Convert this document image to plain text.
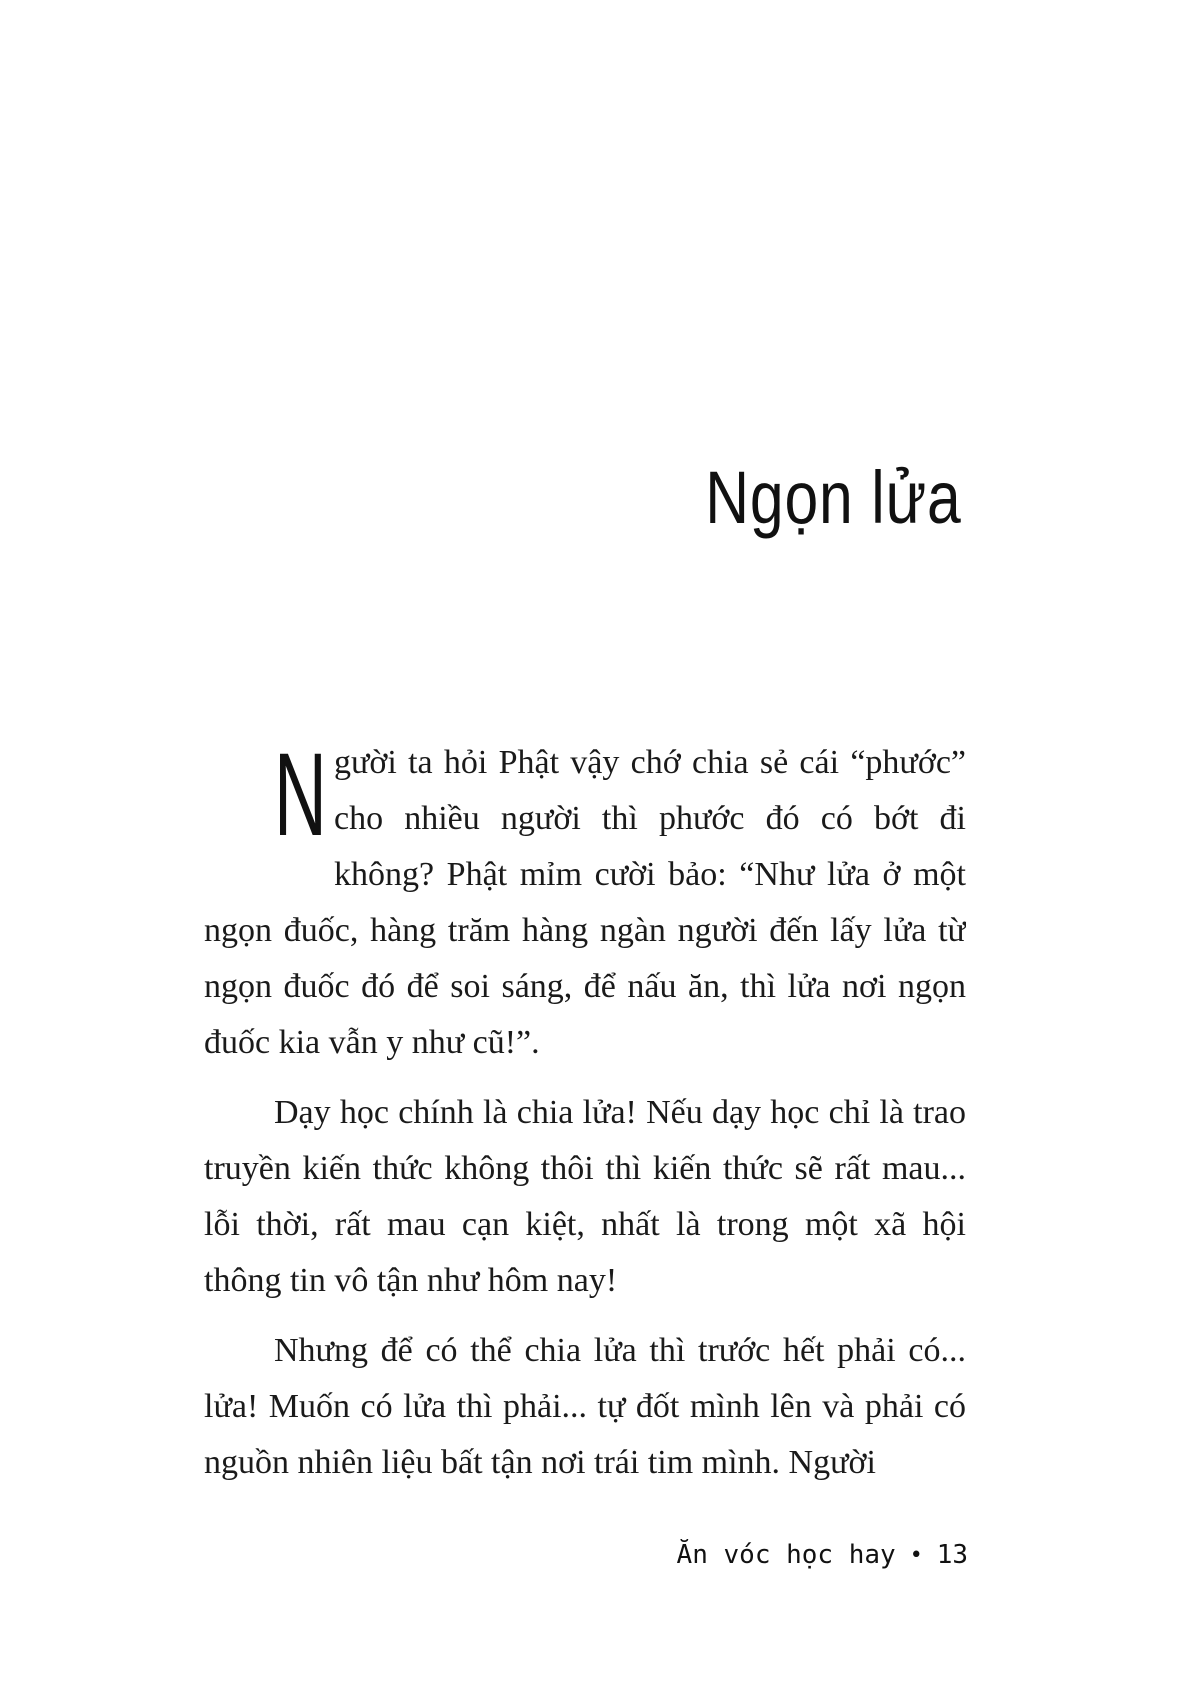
Ngọn lửa

Người ta hỏi Phật vậy chớ chia sẻ cái “phước” cho nhiều người thì phước đó có bớt đi không? Phật mỉm cười bảo: “Như lửa ở một ngọn đuốc, hàng trăm hàng ngàn người đến lấy lửa từ ngọn đuốc đó để soi sáng, để nấu ăn, thì lửa nơi ngọn đuốc kia vẫn y như cũ!”.

Dạy học chính là chia lửa! Nếu dạy học chỉ là trao truyền kiến thức không thôi thì kiến thức sẽ rất mau... lỗi thời, rất mau cạn kiệt, nhất là trong một xã hội thông tin vô tận như hôm nay!

Nhưng để có thể chia lửa thì trước hết phải có... lửa! Muốn có lửa thì phải... tự đốt mình lên và phải có nguồn nhiên liệu bất tận nơi trái tim mình. Người

Ăn vóc học hay • 13
